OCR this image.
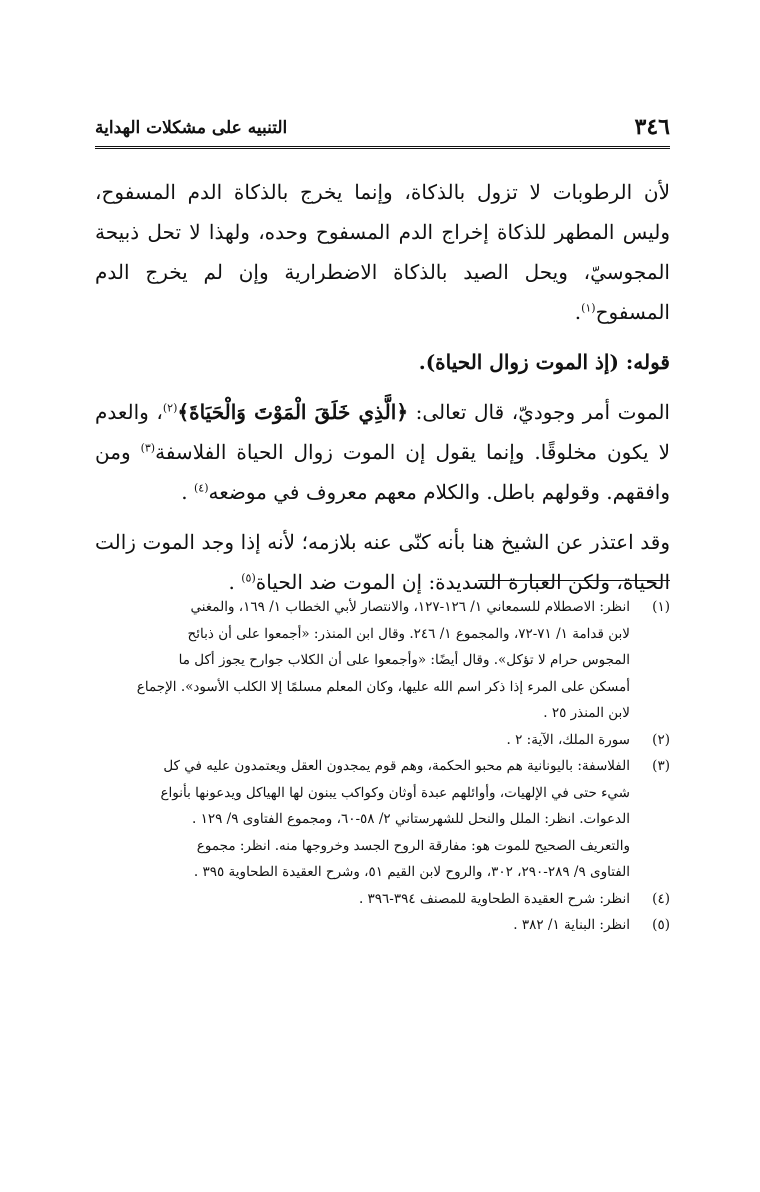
٣٤٦
التنبيه على مشكلات الهداية

لأن الرطوبات لا تزول بالذكاة، وإنما يخرج بالذكاة الدم المسفوح، وليس المطهر للذكاة إخراج الدم المسفوح وحده، ولهذا لا تحل ذبيحة المجوسيّ، ويحل الصيد بالذكاة الاضطرارية وإن لم يخرج الدم المسفوح$^{(١)}$.

قوله: (إذ الموت زوال الحياة).

الموت أمر وجوديّ، قال تعالى: ﴿الَّذِي خَلَقَ الْمَوْتَ وَالْحَيَاةَ﴾$^{(٢)}$، والعدم لا يكون مخلوقًا. وإنما يقول إن الموت زوال الحياة الفلاسفة$^{(٣)}$ ومن وافقهم. وقولهم باطل. والكلام معهم معروف في موضعه$^{(٤)}$ .

وقد اعتذر عن الشيخ هنا بأنه كنّى عنه بلازمه؛ لأنه إذا وجد الموت زالت الحياة، ولكن العبارة السديدة: إن الموت ضد الحياة$^{(٥)}$ .

(١)

انظر: الاصطلام للسمعاني ١/ ١٢٦-١٢٧، والانتصار لأبي الخطاب ١/ ١٦٩، والمغني

لابن قدامة ١/ ٧١-٧٢، والمجموع ١/ ٢٤٦. وقال ابن المنذر: «أجمعوا على أن ذبائح

المجوس حرام لا تؤكل». وقال أيضًا: «وأجمعوا على أن الكلاب جوارح يجوز أكل ما

أمسكن على المرء إذا ذكر اسم الله عليها، وكان المعلم مسلمًا إلا الكلب الأسود». الإجماع

لابن المنذر ٢٥ .

(٢)

سورة الملك، الآية: ٢ .

(٣)

الفلاسفة: باليونانية هم محبو الحكمة، وهم قوم يمجدون العقل ويعتمدون عليه في كل

شيء حتى في الإلهيات، وأوائلهم عبدة أوثان وكواكب يبنون لها الهياكل ويدعونها بأنواع

الدعوات. انظر: الملل والنحل للشهرستاني ٢/ ٥٨-٦٠، ومجموع الفتاوى ٩/ ١٢٩ .

والتعريف الصحيح للموت هو: مفارقة الروح الجسد وخروجها منه. انظر: مجموع

الفتاوى ٩/ ٢٨٩-٢٩٠، ٣٠٢، والروح لابن القيم ٥١، وشرح العقيدة الطحاوية ٣٩٥ .

(٤)

انظر: شرح العقيدة الطحاوية للمصنف ٣٩٤-٣٩٦ .

(٥)

انظر: البناية ١/ ٣٨٢ .
